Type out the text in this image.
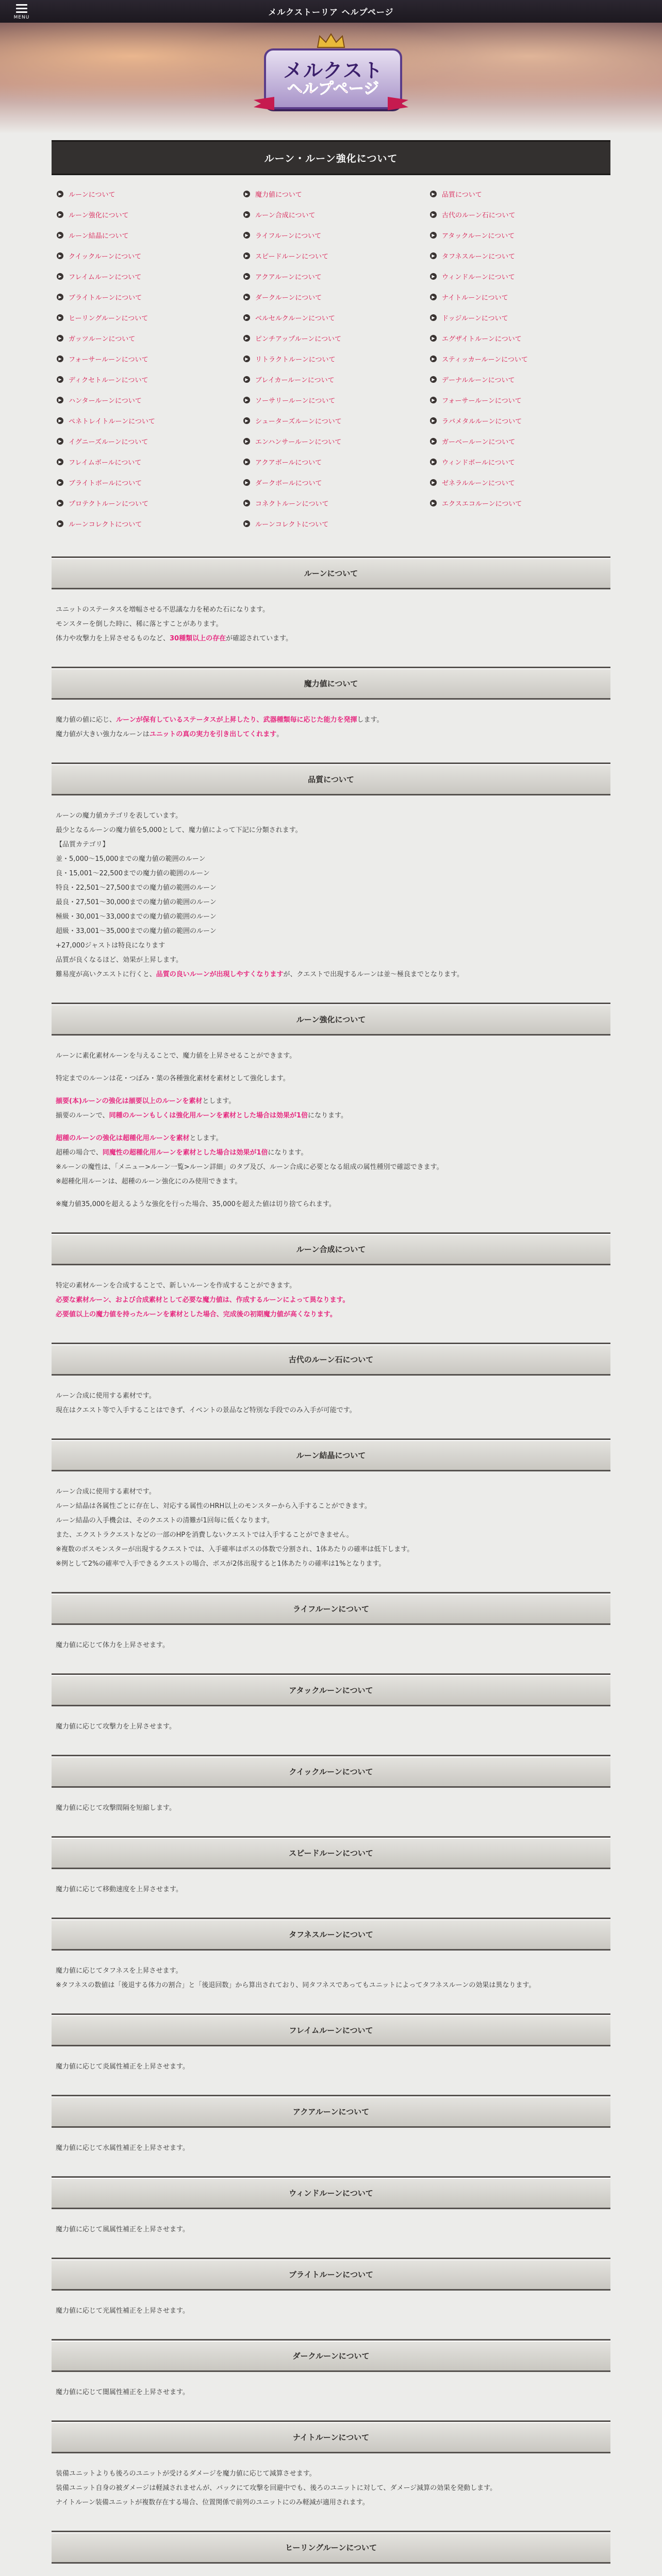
MENU
メルクストーリア ヘルプページ
メルクスト
ヘルプページ
ルーン・ルーン強化について
▶ ルーンについて	▶ 魔力値について	▶ 品質について
▶ ルーン強化について	▶ ルーン合成について	▶ 古代のルーン石について
▶ ルーン結晶について	▶ ライフルーンについて	▶ アタックルーンについて
▶ クイックルーンについて	▶ スピードルーンについて	▶ タフネスルーンについて
▶ フレイムルーンについて	▶ アクアルーンについて	▶ ウィンドルーンについて
▶ ブライトルーンについて	▶ ダークルーンについて	▶ ナイトルーンについて
▶ ヒーリングルーンについて	▶ ベルセルクルーンについて	▶ ドッジルーンについて
▶ ガッツルーンについて	▶ ピンチアップルーンについて	▶ エグザイトルーンについて
▶ フォーサールーンについて	▶ リトラクトルーンについて	▶ スティッカールーンについて
▶ ディクセトルーンについて	▶ ブレイカールーンについて	▶ デーナルルーンについて
▶ ハンタールーンについて	▶ ソーサリールーンについて	▶ フォーサールーンについて
▶ ペネトレイトルーンについて	▶ シューターズルーンについて	▶ ラバメタルルーンについて
▶ イグニーズルーンについて	▶ エンハンサールーンについて	▶ ガーベールーンについて
▶ フレイムボールについて	▶ アクアボールについて	▶ ウィンドボールについて
▶ ブライトボールについて	▶ ダークボールについて	▶ ゼネラルルーンについて
▶ プロテクトルーンについて	▶ コネクトルーンについて	▶ エクスエコルーンについて
▶ ルーンコレクトについて	▶ ルーンコレクトについて
ルーンについて

ユニットのステータスを増幅させる不思議な力を秘めた石になります。

モンスターを倒した時に、稀に落とすことがあります。

体力や攻撃力を上昇させるものなど、30種類以上の存在が確認されています。

魔力値について

魔力値の値に応じ、ルーンが保有しているステータスが上昇したり、武器種類毎に応じた能力を発揮します。

魔力値が大きい強力なルーンはユニットの真の実力を引き出してくれます。

品質について

ルーンの魔力値カテゴリを表しています。

最少となるルーンの魔力値を5,000として、魔力値によって下記に分類されます。

【品質カテゴリ】

並・5,000〜15,000までの魔力値の範囲のルーン

良・15,001〜22,500までの魔力値の範囲のルーン

特良・22,501〜27,500までの魔力値の範囲のルーン

最良・27,501〜30,000までの魔力値の範囲のルーン

極級・30,001〜33,000までの魔力値の範囲のルーン

超級・33,001〜35,000までの魔力値の範囲のルーン

+27,000ジャストは特良になります

品質が良くなるほど、効果が上昇します。

難易度が高いクエストに行くと、品質の良いルーンが出現しやすくなりますが、クエストで出現するルーンは並〜極良までとなります。

ルーン強化について

ルーンに素化素材ルーンを与えることで、魔力値を上昇させることができます。

特定までのルーンは花・つぼみ・葉の各種強化素材を素材として強化します。

揃要(本)ルーンの強化は揃要以上のルーンを素材とします。

揃要のルーンで、同種のルーンもしくは強化用ルーンを素材とした場合は効果が1倍になります。

超種のルーンの強化は超種化用ルーンを素材とします。

超種の場合で、同魔性の超種化用ルーンを素材とした場合は効果が1倍になります。

※ルーンの魔性は、「メニュー>ルーン一覧>ルーン詳細」のタブ及び、ルーン合成に必要となる組成の属性種別で確認できます。

※超種化用ルーンは、超種のルーン強化にのみ使用できます。

※魔力値35,000を超えるような強化を行った場合、35,000を超えた値は切り捨てられます。

ルーン合成について

特定の素材ルーンを合成することで、新しいルーンを作成することができます。

必要な素材ルーン、および合成素材として必要な魔力値は、作成するルーンによって異なります。

必要値以上の魔力値を持ったルーンを素材とした場合、完成後の初期魔力値が高くなります。

古代のルーン石について

ルーン合成に使用する素材です。

現在はクエスト等で入手することはできず、イベントの景品など特別な手段でのみ入手が可能です。

ルーン結晶について

ルーン合成に使用する素材です。

ルーン結晶は各属性ごとに存在し、対応する属性のHRH以上のモンスターから入手することができます。

ルーン結晶の入手機会は、そのクエストの清難が1回毎に低くなります。

また、エクストラクエストなどの一部のHPを消費しないクエストでは入手することができません。

※複数のボスモンスターが出現するクエストでは、入手確率はボスの体数で分割され、1体あたりの確率は低下します。

※例として2%の確率で入手できるクエストの場合、ボスが2体出現すると1体あたりの確率は1%となります。

ライフルーンについて

魔力値に応じて体力を上昇させます。

アタックルーンについて

魔力値に応じて攻撃力を上昇させます。

クイックルーンについて

魔力値に応じて攻撃間隔を短縮します。

スピードルーンについて

魔力値に応じて移動速度を上昇させます。

タフネスルーンについて

魔力値に応じてタフネスを上昇させます。

※タフネスの数値は「後退する体力の割合」と「後退回数」から算出されており、同タフネスであってもユニットによってタフネスルーンの効果は異なります。

フレイムルーンについて

魔力値に応じて炎属性補正を上昇させます。

アクアルーンについて

魔力値に応じて水属性補正を上昇させます。

ウィンドルーンについて

魔力値に応じて風属性補正を上昇させます。

ブライトルーンについて

魔力値に応じて光属性補正を上昇させます。

ダークルーンについて

魔力値に応じて闇属性補正を上昇させます。

ナイトルーンについて

装備ユニットよりも後ろのユニットが受けるダメージを魔力値に応じて減算させます。

装備ユニット自身の被ダメージは軽減されませんが、バックにて攻撃を回避中でも、後ろのユニットに対して、ダメージ減算の効果を発動します。

ナイトルーン装備ユニットが複数存在する場合、位置関係で前列のユニットにのみ軽減が適用されます。

ヒーリングルーンについて
